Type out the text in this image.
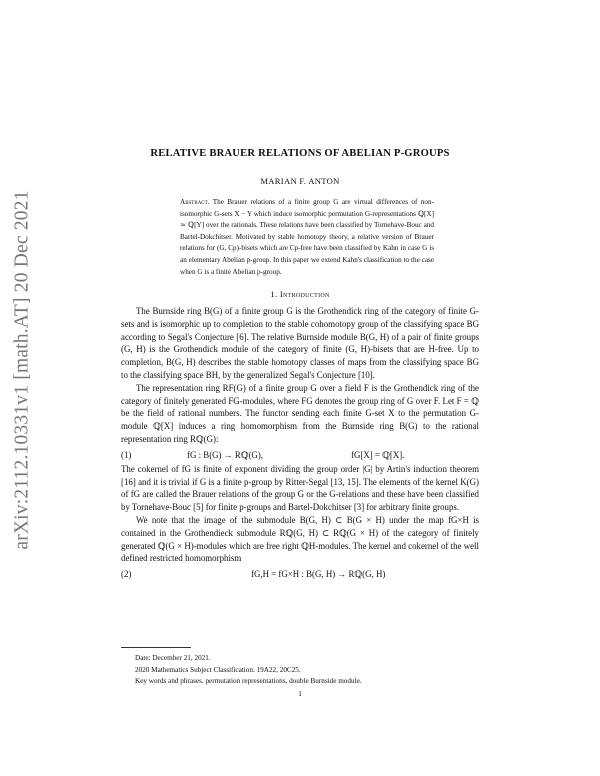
arXiv:2112.10331v1 [math.AT] 20 Dec 2021
RELATIVE BRAUER RELATIONS OF ABELIAN P-GROUPS
MARIAN F. ANTON
Abstract. The Brauer relations of a finite group G are virtual differences of non-isomorphic G-sets X − Y which induce isomorphic permutation G-representations ℚ[X] ≃ ℚ[Y] over the rationals. These relations have been classified by Tornehave-Bouc and Bartel-Dokchitser. Motivated by stable homotopy theory, a relative version of Brauer relations for (G, Cp)-bisets which are Cp-free have been classified by Kahn in case G is an elementary Abelian p-group. In this paper we extend Kahn's classification to the case when G is a finite Abelian p-group.
1. Introduction

The Burnside ring B(G) of a finite group G is the Grothendick ring of the category of finite G-sets and is isomorphic up to completion to the stable cohomotopy group of the classifying space BG according to Segal's Conjecture [6]. The relative Burnside module B(G, H) of a pair of finite groups (G, H) is the Grothendick module of the category of finite (G, H)-bisets that are H-free. Up to completion, B(G, H) describes the stable homotopy classes of maps from the classifying space BG to the classifying space BH, by the generalized Segal's Conjecture [10].

The representation ring RF(G) of a finite group G over a field F is the Grothendick ring of the category of finitely generated FG-modules, where FG denotes the group ring of G over F. Let F = ℚ be the field of rational numbers. The functor sending each finite G-set X to the permutation G-module ℚ[X] induces a ring homomorphism from the Burnside ring B(G) to the rational representation ring Rℚ(G):

(1)	fG : B(G) → Rℚ(G),	fG[X] = ℚ[X].

The cokernel of fG is finite of exponent dividing the group order |G| by Artin's induction theorem [16] and it is trivial if G is a finite p-group by Ritter-Segal [13, 15]. The elements of the kernel K(G) of fG are called the Brauer relations of the group G or the G-relations and these have been classified by Tornehave-Bouc [5] for finite p-groups and Bartel-Dokchitser [3] for arbitrary finite groups.

We note that the image of the submodule B(G, H) ⊂ B(G × H) under the map fG×H is contained in the Grothendieck submodule Rℚ(G, H) ⊂ Rℚ(G × H) of the category of finitely generated ℚ(G × H)-modules which are free right ℚH-modules. The kernel and cokernel of the well defined restricted homomorphism

(2)	fG,H = fG×H : B(G, H) → Rℚ(G, H)
Date: December 21, 2021.
2020 Mathematics Subject Classification. 19A22, 20C25.
Key words and phrases. permutation representations, double Burnside module.
1
